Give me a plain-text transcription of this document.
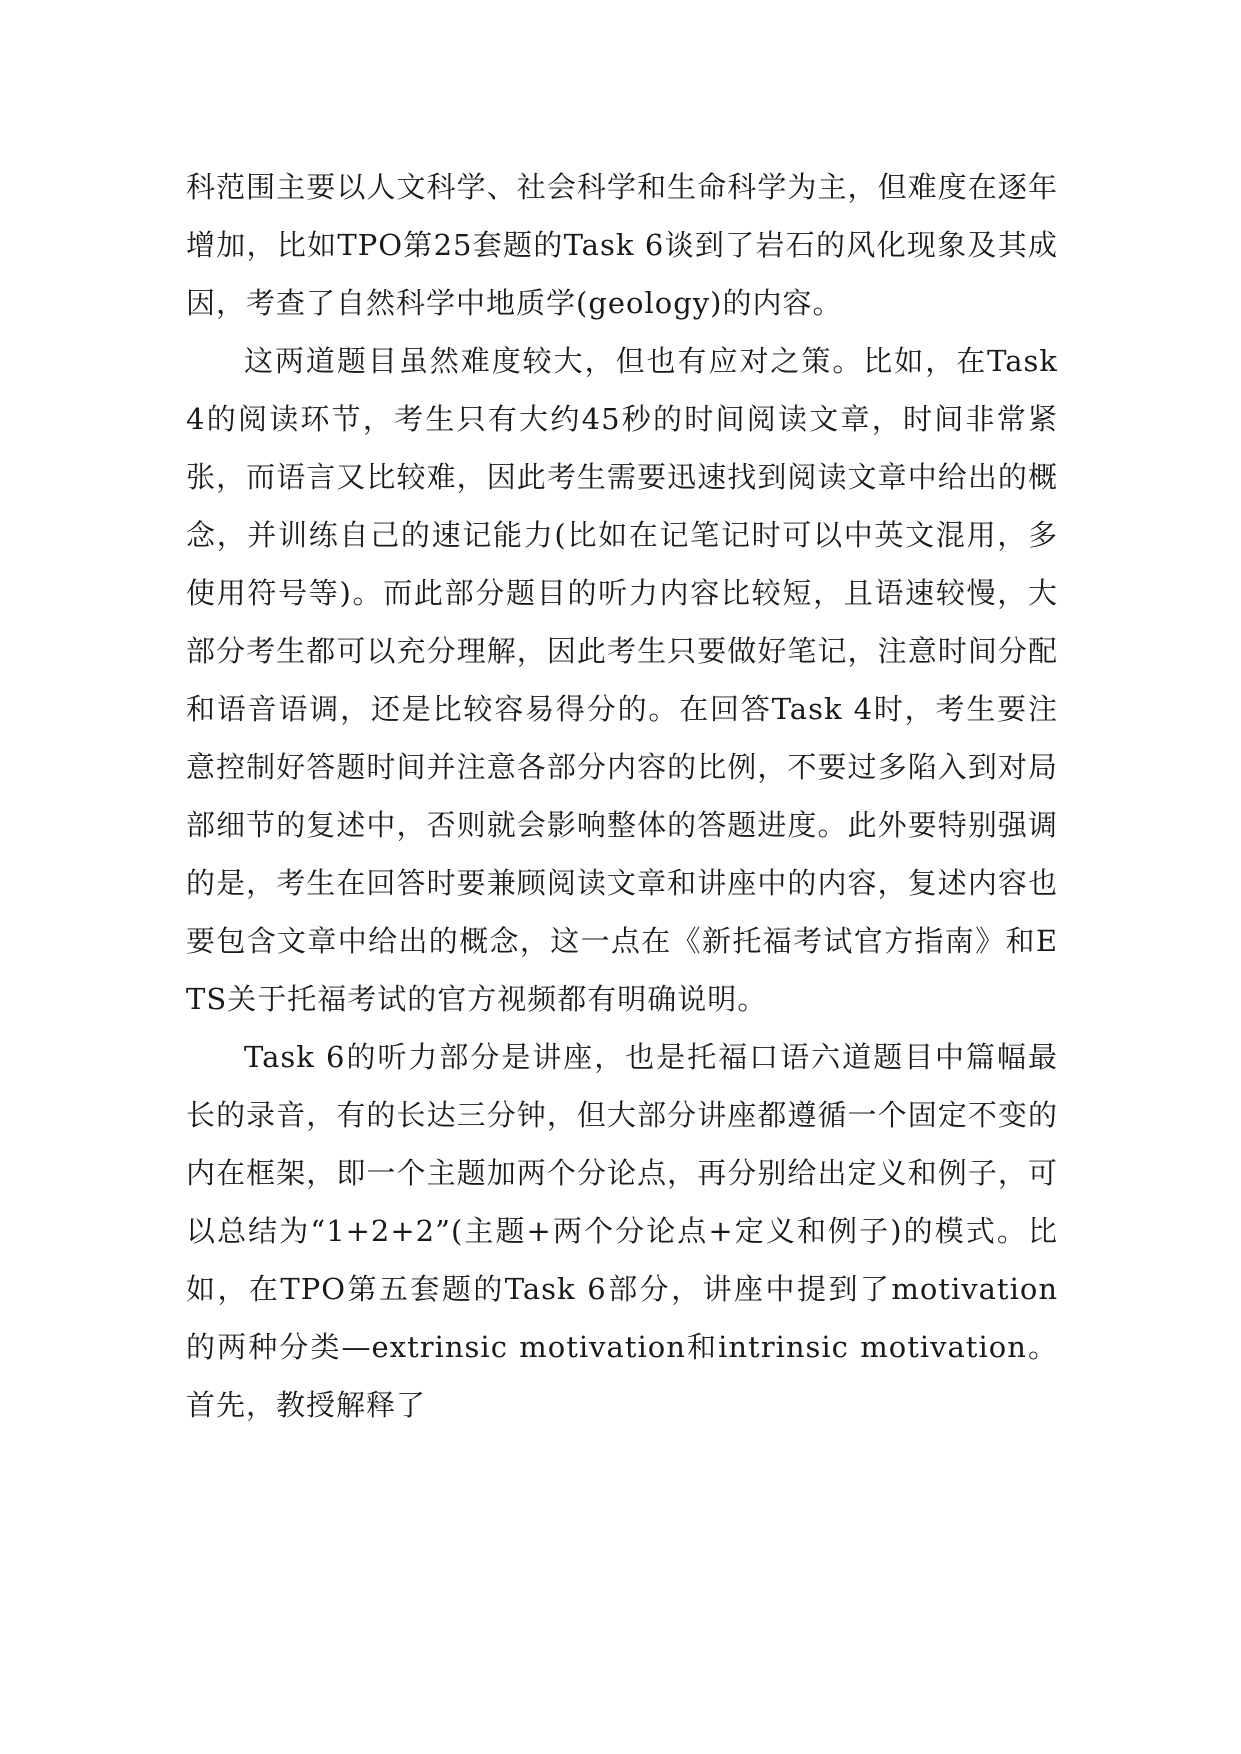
科范围主要以人文科学、社会科学和生命科学为主，但难度在逐年增加，比如TPO第25套题的Task 6谈到了岩石的风化现象及其成因，考查了自然科学中地质学(geology)的内容。

这两道题目虽然难度较大，但也有应对之策。比如，在Task 4的阅读环节，考生只有大约45秒的时间阅读文章，时间非常紧张，而语言又比较难，因此考生需要迅速找到阅读文章中给出的概念，并训练自己的速记能力(比如在记笔记时可以中英文混用，多使用符号等)。而此部分题目的听力内容比较短，且语速较慢，大部分考生都可以充分理解，因此考生只要做好笔记，注意时间分配和语音语调，还是比较容易得分的。在回答Task 4时，考生要注意控制好答题时间并注意各部分内容的比例，不要过多陷入到对局部细节的复述中，否则就会影响整体的答题进度。此外要特别强调的是，考生在回答时要兼顾阅读文章和讲座中的内容，复述内容也要包含文章中给出的概念，这一点在《新托福考试官方指南》和ETS关于托福考试的官方视频都有明确说明。

Task 6的听力部分是讲座，也是托福口语六道题目中篇幅最长的录音，有的长达三分钟，但大部分讲座都遵循一个固定不变的内在框架，即一个主题加两个分论点，再分别给出定义和例子，可以总结为“1+2+2”(主题+两个分论点+定义和例子)的模式。比如，在TPO第五套题的Task 6部分，讲座中提到了motivation的两种分类—extrinsic motivation和intrinsic motivation。首先，教授解释了
